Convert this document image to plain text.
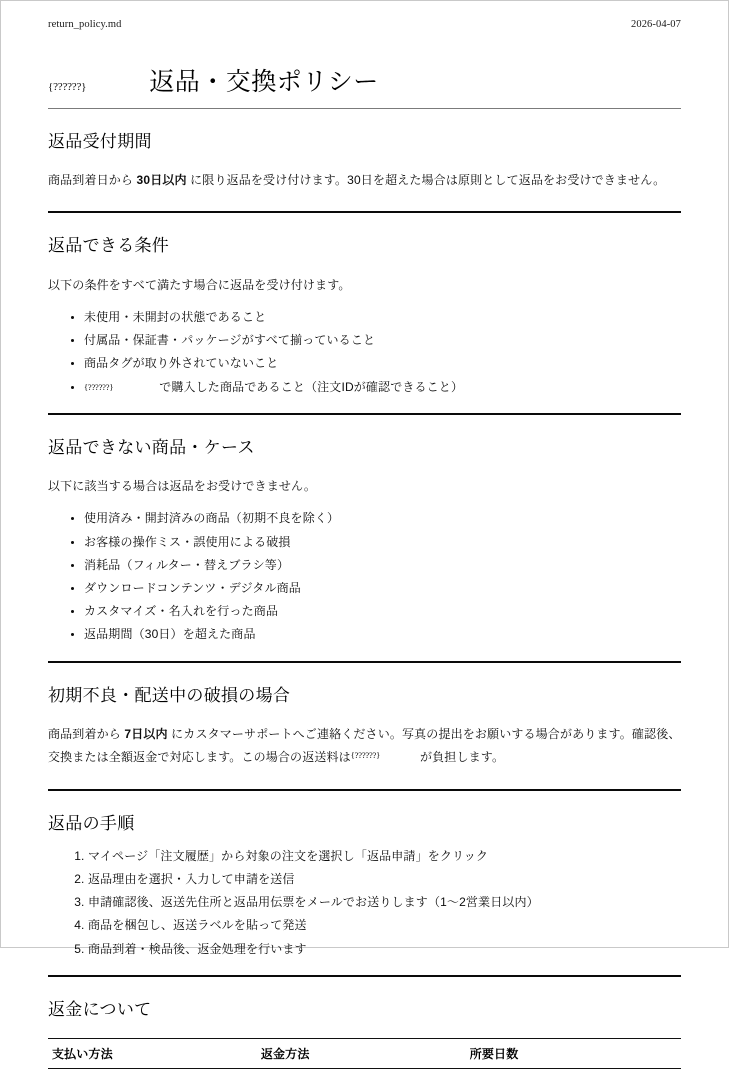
return_policy.md	2026-04-07
{??????}	返品・交換ポリシー
返品受付期間

商品到着日から 30日以内 に限り返品を受け付けます。30日を超えた場合は原則として返品をお受けできません。

返品できる条件

以下の条件をすべて満たす場合に返品を受け付けます。

• 未使用・未開封の状態であること
• 付属品・保証書・パッケージがすべて揃っていること
• 商品タグが取り外されていないこと
• {??????}	で購入した商品であること（注文IDが確認できること）
返品できない商品・ケース

以下に該当する場合は返品をお受けできません。

• 使用済み・開封済みの商品（初期不良を除く）
• お客様の操作ミス・誤使用による破損
• 消耗品（フィルター・替えブラシ等）
• ダウンロードコンテンツ・デジタル商品
• カスタマイズ・名入れを行った商品
• 返品期間（30日）を超えた商品
初期不良・配送中の破損の場合

商品到着から 7日以内 にカスタマーサポートへご連絡ください。写真の提出をお願いする場合があります。確認後、交換または全額返金で対応します。この場合の返送料は{??????}	が負担します。

返品の手順
1. マイページ「注文履歴」から対象の注文を選択し「返品申請」をクリック
2. 返品理由を選択・入力して申請を送信
3. 申請確認後、返送先住所と返品用伝票をメールでお送りします（1〜2営業日以内）
4. 商品を梱包し、返送ラベルを貼って発送
5. 商品到着・検品後、返金処理を行います
返金について
支払い方法	返金方法	所要日数
